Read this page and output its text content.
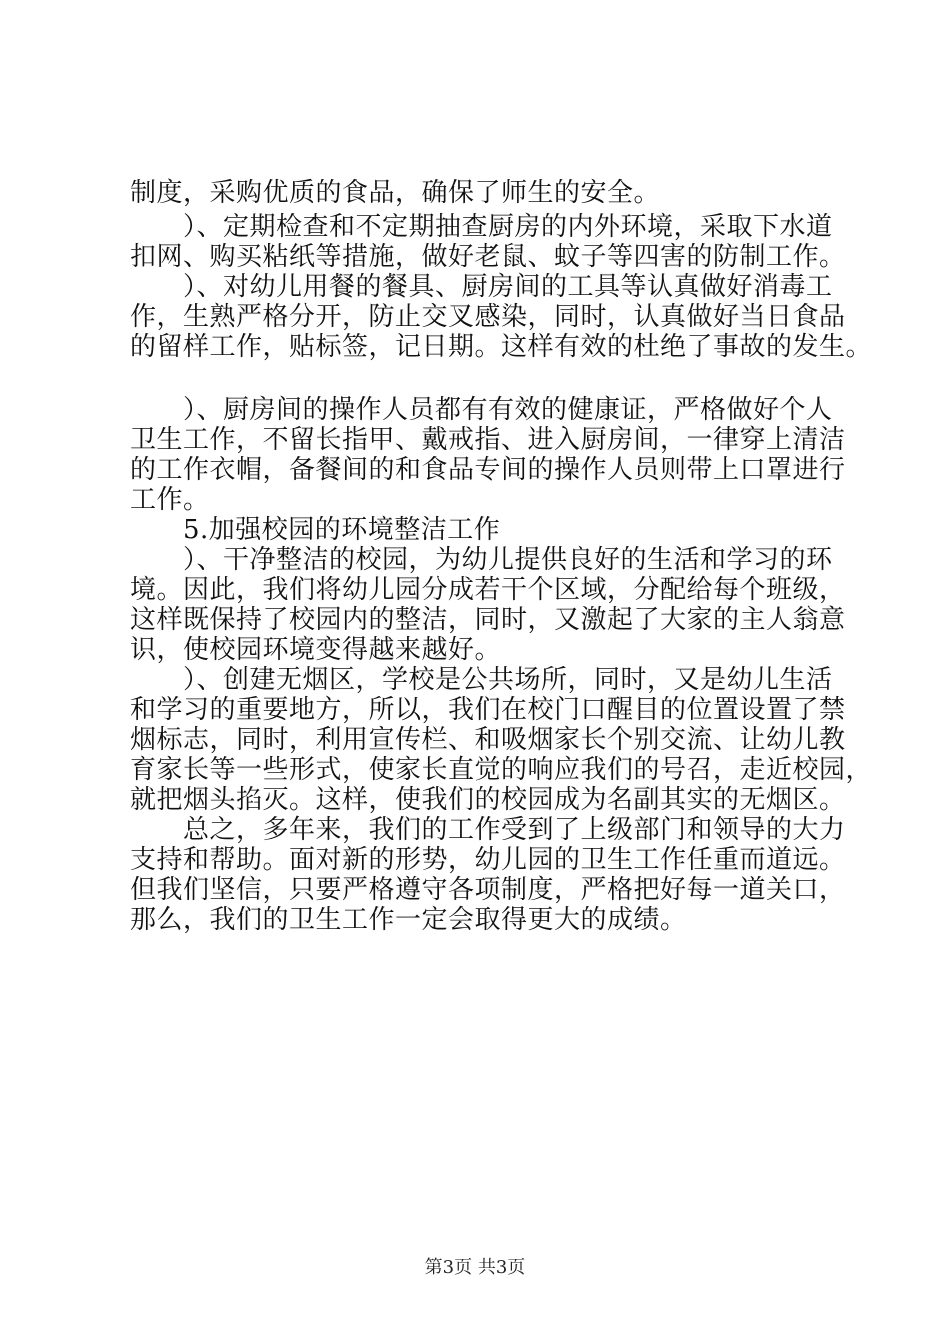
制度，采购优质的食品，确保了师生的安全。
　　）、定期检查和不定期抽查厨房的内外环境，采取下水道
扣网、购买粘纸等措施，做好老鼠、蚊子等四害的防制工作。
　　）、对幼儿用餐的餐具、厨房间的工具等认真做好消毒工
作，生熟严格分开，防止交叉感染，同时，认真做好当日食品
的留样工作，贴标签，记日期。这样有效的杜绝了事故的发生。
　　）、厨房间的操作人员都有有效的健康证，严格做好个人
卫生工作，不留长指甲、戴戒指、进入厨房间，一律穿上清洁
的工作衣帽，备餐间的和食品专间的操作人员则带上口罩进行
工作。
　　5.加强校园的环境整洁工作
　　）、干净整洁的校园，为幼儿提供良好的生活和学习的环
境。因此，我们将幼儿园分成若干个区域，分配给每个班级，
这样既保持了校园内的整洁，同时，又激起了大家的主人翁意
识，使校园环境变得越来越好。
　　）、创建无烟区，学校是公共场所，同时，又是幼儿生活
和学习的重要地方，所以，我们在校门口醒目的位置设置了禁
烟标志，同时，利用宣传栏、和吸烟家长个别交流、让幼儿教
育家长等一些形式，使家长直觉的响应我们的号召，走近校园，
就把烟头掐灭。这样，使我们的校园成为名副其实的无烟区。
　　总之，多年来，我们的工作受到了上级部门和领导的大力
支持和帮助。面对新的形势，幼儿园的卫生工作任重而道远。
但我们坚信，只要严格遵守各项制度，严格把好每一道关口，
那么，我们的卫生工作一定会取得更大的成绩。
第3页 共3页
